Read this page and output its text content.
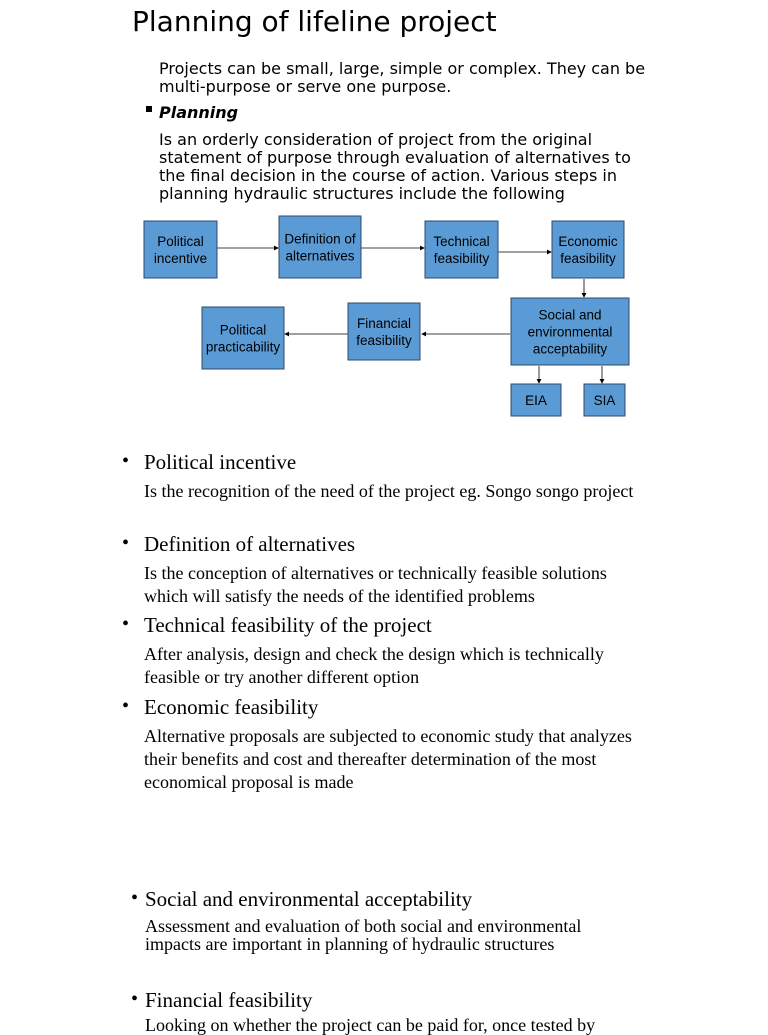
Planning of lifeline project

Projects can be small, large, simple or complex. They can be multi-purpose or serve one purpose.

Planning

Is an orderly consideration of project from the original statement of purpose through evaluation of alternatives to the final decision in the course of action. Various steps in planning hydraulic structures include the following

Political
incentive
Definition of
alternatives
Technical
feasibility
Economic
feasibility
Social and
environmental
acceptability
Financial
feasibility
Political
practicability
EIA	SIA
• Political incentive
Is the recognition of the need of the project eg. Songo songo project
• Definition of alternatives
Is the conception of alternatives or technically feasible solutions which will satisfy the needs of the identified problems
• Technical feasibility of the project
After analysis, design and check the design which is technically feasible or try another different option
• Economic feasibility
Alternative proposals are subjected to economic study that analyzes their benefits and cost and thereafter determination of the most economical proposal is made
• Social and environmental acceptability
Assessment and evaluation of both social and environmental impacts are important in planning of hydraulic structures
• Financial feasibility
Looking on whether the project can be paid for, once tested by
